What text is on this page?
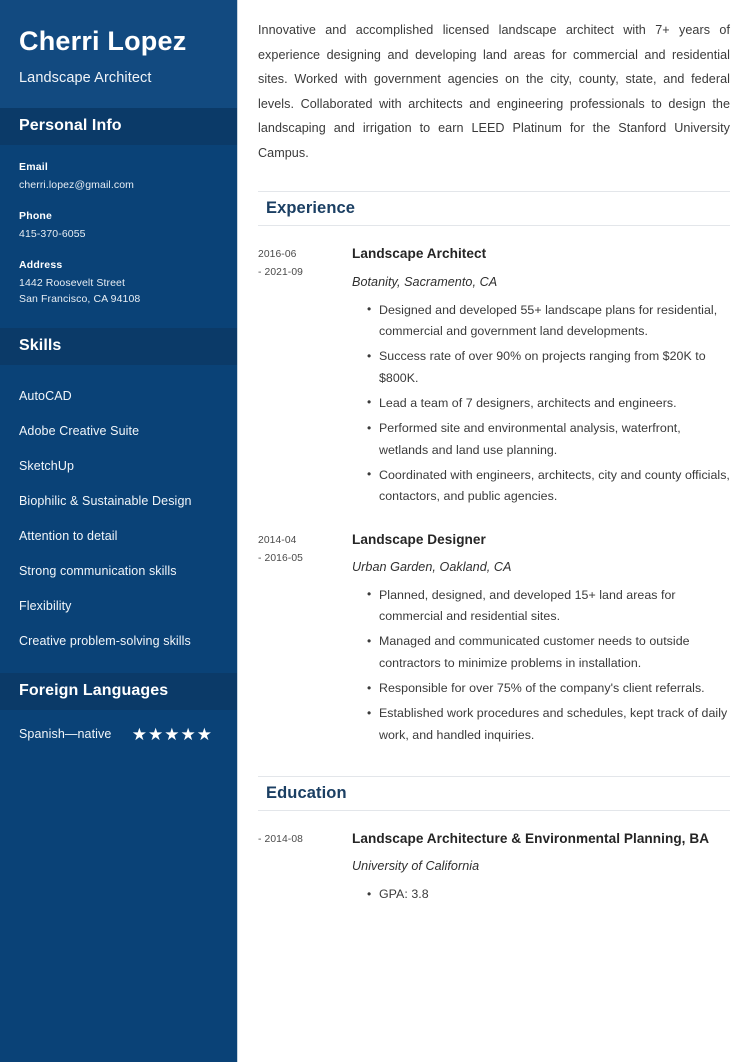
Cherri Lopez
Landscape Architect
Personal Info
Email
cherri.lopez@gmail.com
Phone
415-370-6055
Address
1442 Roosevelt Street
San Francisco, CA 94108
Skills
AutoCAD
Adobe Creative Suite
SketchUp
Biophilic & Sustainable Design
Attention to detail
Strong communication skills
Flexibility
Creative problem-solving skills
Foreign Languages
Spanish—native ★ ★ ★ ★ ★

Innovative and accomplished licensed landscape architect with 7+ years of experience designing and developing land areas for commercial and residential sites. Worked with government agencies on the city, county, state, and federal levels. Collaborated with architects and engineering professionals to design the landscaping and irrigation to earn LEED Platinum for the Stanford University Campus.

Experience
2016-06
- 2021-09
Landscape Architect
Botanity, Sacramento, CA
• Designed and developed 55+ landscape plans for residential, commercial and government land developments.
• Success rate of over 90% on projects ranging from $20K to $800K.
• Lead a team of 7 designers, architects and engineers.
• Performed site and environmental analysis, waterfront, wetlands and land use planning.
• Coordinated with engineers, architects, city and county officials, contactors, and public agencies.
2014-04
- 2016-05
Landscape Designer
Urban Garden, Oakland, CA
• Planned, designed, and developed 15+ land areas for commercial and residential sites.
• Managed and communicated customer needs to outside contractors to minimize problems in installation.
• Responsible for over 75% of the company's client referrals.
• Established work procedures and schedules, kept track of daily work, and handled inquiries.
Education
- 2014-08	Landscape Architecture & Environmental Planning, BA
University of California
• GPA: 3.8
